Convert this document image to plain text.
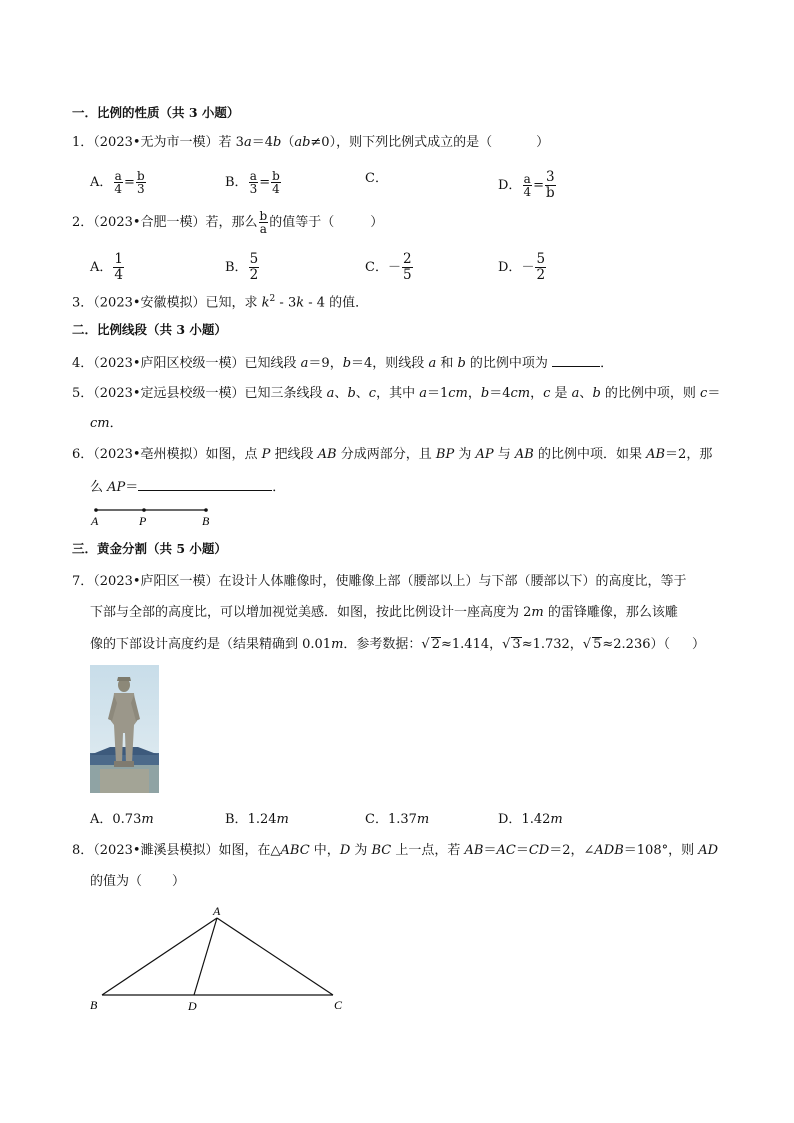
一．比例的性质（共 3 小题）
1．（2023•无为市一模）若 3a＝4b（ab≠0），则下列比例式成立的是（	）
A． $\frac{a}{4} = \frac{b}{3}$	B． $\frac{a}{3} = \frac{b}{4}$	C．	D． $\frac{a}{4} = \frac{3}{b}$
2．（2023•合肥一模）若，那么 $\frac{b}{a}$ 的值等于（	）
A． $\frac{1}{4}$	B． $\frac{5}{2}$	C．－ $\frac{2}{5}$	D．－ $\frac{5}{2}$
3．（2023•安徽模拟）已知，求 $k^2 - 3k - 4$ 的值．
二．比例线段（共 3 小题）
4．（2023•庐阳区校级一模）已知线段 a＝9，b＝4，则线段 a 和 b 的比例中项为	．
5．（2023•定远县校级一模）已知三条线段 a、b、c，其中 a＝1cm，b＝4cm，c 是 a、b 的比例中项，则 c＝
cm．
6．（2023•亳州模拟）如图，点 P 把线段 AB 分成两部分，且 BP 为 AP 与 AB 的比例中项．如果 AB＝2，那
么 AP＝	．
A	P	B
三．黄金分割（共 5 小题）
7．（2023•庐阳区一模）在设计人体雕像时，使雕像上部（腰部以上）与下部（腰部以下）的高度比，等于
下部与全部的高度比，可以增加视觉美感．如图，按此比例设计一座高度为 2m 的雷锋雕像，那么该雕
像的下部设计高度约是（结果精确到 0.01m．参考数据：√ 2≈1.414，√ 3≈1.732，√ 5≈2.236）（ ）
A．0.73m	B．1.24m	C．1.37m	D．1.42m
8．（2023•濉溪县模拟）如图，在△ABC 中，D 为 BC 上一点，若 AB＝AC＝CD＝2，∠ADB＝108°，则 AD
的值为（ ）
A
B	D	C
